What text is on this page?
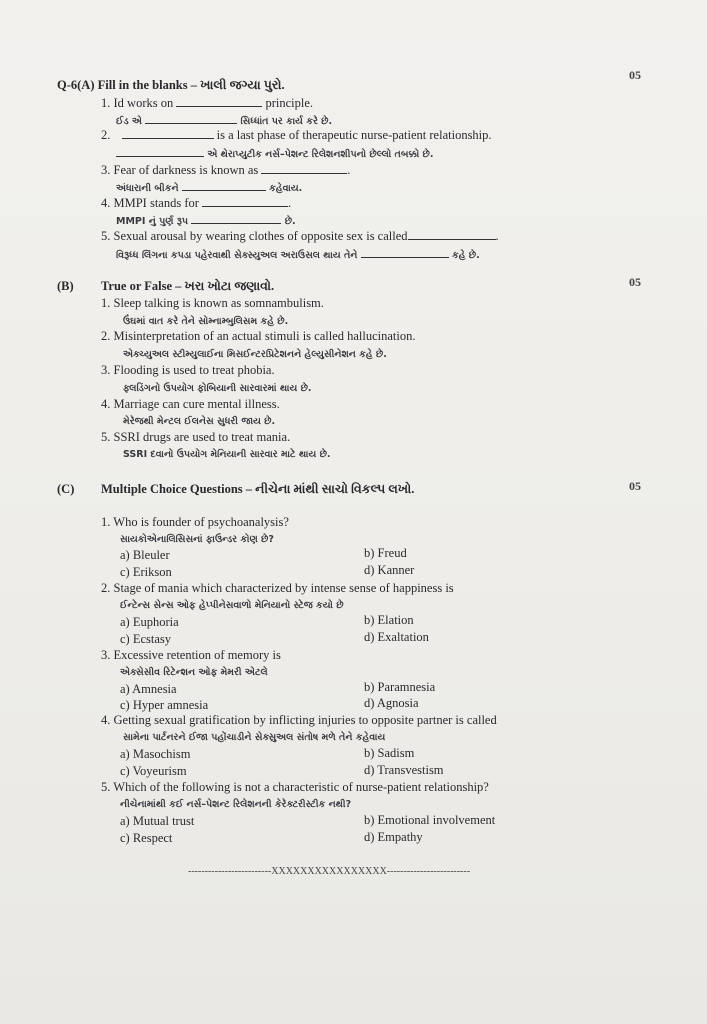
05
Q-6(A) Fill in the blanks – ખાલી જગ્યા પુરો.
1. Id works on	principle.
ઈડ એ	સિધ્ધાંત પર કાર્ય કરે છે.
2.	is a last phase of therapeutic nurse-patient relationship.
એ થેરાપ્યુટીક નર્સ–પેશન્ટ રિલેશનશીપનો છેલ્લો તબક્કો છે.
3. Fear of darkness is known as	.
અંધારાની બીકને	કહેવાય.
4. MMPI stands for	.
MMPI નું પુર્ણ રૂપ	છે.
5. Sexual arousal by wearing clothes of opposite sex is called	.
વિરૂધ્ધ લિંગના કપડા પહેરવાથી સેક્સ્યુઅલ અરાઉસલ થાય તેને	કહે છે.
05
(B) True or False – ખરા ખોટા જણાવો.
1. Sleep talking is known as somnambulism.
ઉંઘમાં વાત કરે તેને સોમ્નામ્બુલિસમ કહે છે.
2. Misinterpretation of an actual stimuli is called hallucination.
એક્ચ્યુઅલ સ્ટીમ્યુલાઈના મિસઈન્ટરપ્રિટેશનને હેલ્યુસીનેશન કહે છે.
3. Flooding is used to treat phobia.
ફ્લડિંગનો ઉપયોગ ફોબિયાની સારવારમાં થાય છે.
4. Marriage can cure mental illness.
મેરેજથી મેન્ટલ ઈલનેસ સુધરી જાય છે.
5. SSRI drugs are used to treat mania.
SSRI દવાનો ઉપયોગ મેનિયાની સારવાર માટે થાય છે.
05
(C) Multiple Choice Questions – નીચેના માંથી સાચો વિકલ્પ લખો.
1. Who is founder of psychoanalysis?
સાયકોએનાલિસિસનાં ફાઉન્ડર કોણ છે?
a) Bleuler	b) Freud
c) Erikson	d) Kanner
2. Stage of mania which characterized by intense sense of happiness is
ઈન્ટેન્સ સેન્સ ઓફ હેપ્પીનેસવાળો મેનિયાનો સ્ટેજ કયો છે
a) Euphoria	b) Elation
c) Ecstasy	d) Exaltation
3. Excessive retention of memory is
એક્સેસીવ રિટેન્શન ઓફ મેમરી એટલે
a) Amnesia	b) Paramnesia
c) Hyper amnesia	d) Agnosia
4. Getting sexual gratification by inflicting injuries to opposite partner is called
સામેના પાર્ટનરને ઈજા પહોંચાડીને સેક્સુઅલ સંતોષ મળે તેને કહેવાય
a) Masochism	b) Sadism
c) Voyeurism	d) Transvestism
5. Which of the following is not a characteristic of nurse-patient relationship?
નીચેનામાંથી કઈ નર્સ–પેશન્ટ રિલેશનની કેરેક્ટરીસ્ટીક નથી?
a) Mutual trust	b) Emotional involvement
c) Respect	d) Empathy
-------------------------XXXXXXXXXXXXXXXX-------------------------
